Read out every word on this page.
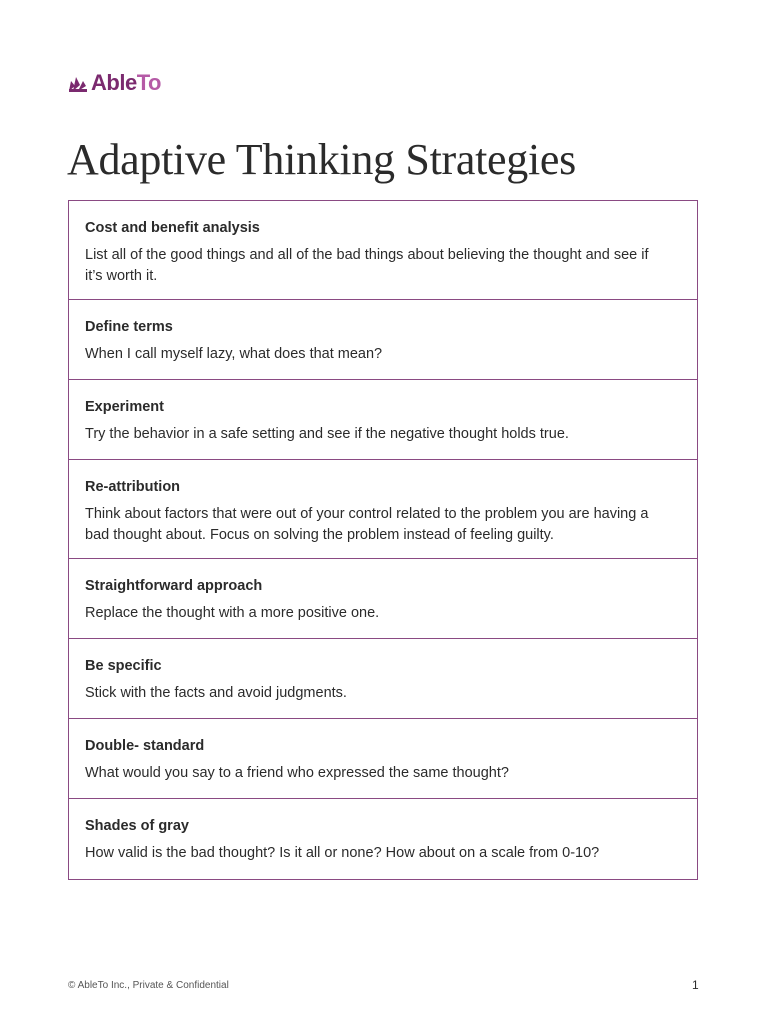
AbleTo
Adaptive Thinking Strategies

Cost and benefit analysis

List all of the good things and all of the bad things about believing the thought and see if it’s worth it.

Define terms

When I call myself lazy, what does that mean?

Experiment

Try the behavior in a safe setting and see if the negative thought holds true.

Re-attribution

Think about factors that were out of your control related to the problem you are having a bad thought about. Focus on solving the problem instead of feeling guilty.

Straightforward approach

Replace the thought with a more positive one.

Be specific

Stick with the facts and avoid judgments.

Double- standard

What would you say to a friend who expressed the same thought?

Shades of gray

How valid is the bad thought? Is it all or none? How about on a scale from 0-10?

© AbleTo Inc., Private & Confidential	1
